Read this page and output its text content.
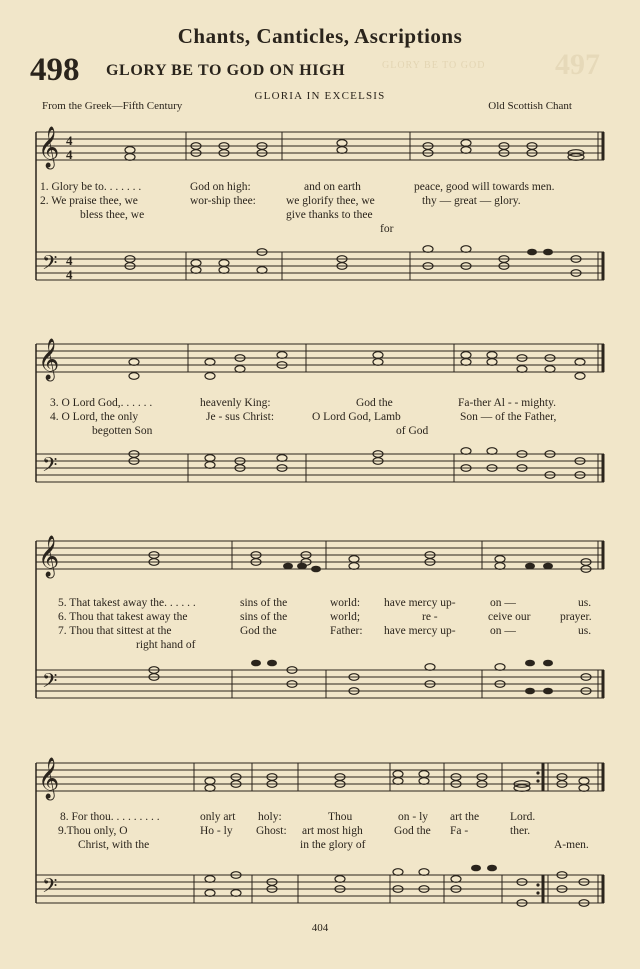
497
GLORY BE TO GOD
Chants, Canticles, Ascriptions
498 GLORY BE TO GOD ON HIGH
GLORIA IN EXCELSIS
From the Greek—Fifth Century	Old Scottish Chant
𝄞 4
4
𝄢 4
4
1. Glory be to. . . . . . .	God on high:	and on earth	peace, good will towards men.
2. We praise thee, we	wor-ship thee:	we glorify thee, we	thy — great — glory.
bless thee, we	give thanks to thee
for
𝄞
𝄢
3. O Lord God,. . . . . .	heavenly King:	God the	Fa-ther Al - - mighty.
4. O Lord, the only	Je - sus Christ:	O Lord God, Lamb	Son — of the Father,
begotten Son	of God
𝄞
𝄢
5. That takest away the. . . . . .	sins of the	world: have mercy up-	on —	us.
6. Thou that takest away the	sins of the	world;	re -	ceive our	prayer.
7. Thou that sittest at the	God the	Father: have mercy up-	on —	us.
right hand of
𝄞
𝄢
8. For thou. . . . . . . . .	only art holy:	Thou	on - ly art the	Lord.
9.Thou only, O	Ho - ly Ghost: art most high	God the Fa -	ther.
Christ, with the	in the glory of	A-men.
404
